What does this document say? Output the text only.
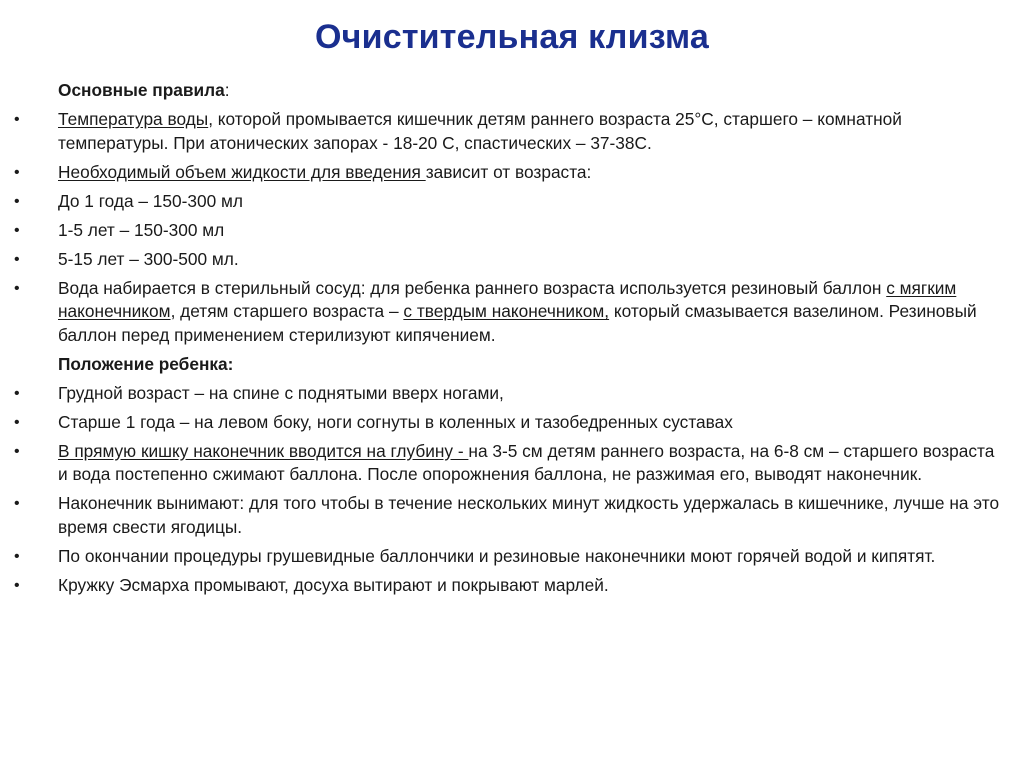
Очистительная клизма
Основные правила:
•	Температура воды, которой промывается кишечник детям раннего возраста 25°С, старшего – комнатной температуры. При атонических запорах - 18-20 С, спастических – 37-38С.
•	Необходимый объем жидкости для введения зависит от возраста:
•	До 1 года – 150-300 мл
•	1-5 лет – 150-300 мл
•	5-15 лет – 300-500 мл.
•	Вода набирается в стерильный сосуд: для ребенка раннего возраста используется резиновый баллон с мягким наконечником, детям старшего возраста – с твердым наконечником, который смазывается вазелином. Резиновый баллон перед применением стерилизуют кипячением.
Положение ребенка:
•	Грудной возраст – на спине с поднятыми вверх ногами,
•	Старше 1 года – на левом боку, ноги согнуты в коленных и тазобедренных суставах
•	В прямую кишку наконечник вводится на глубину - на 3-5 см детям раннего возраста, на 6-8 см – старшего возраста и вода постепенно сжимают баллона. После опорожнения баллона, не разжимая его, выводят наконечник.
•	Наконечник вынимают: для того чтобы в течение нескольких минут жидкость удержалась в кишечнике, лучше на это время свести ягодицы.
•	По окончании процедуры грушевидные баллончики и резиновые наконечники моют горячей водой и кипятят.
•	Кружку Эсмарха промывают, досуха вытирают и покрывают марлей.
